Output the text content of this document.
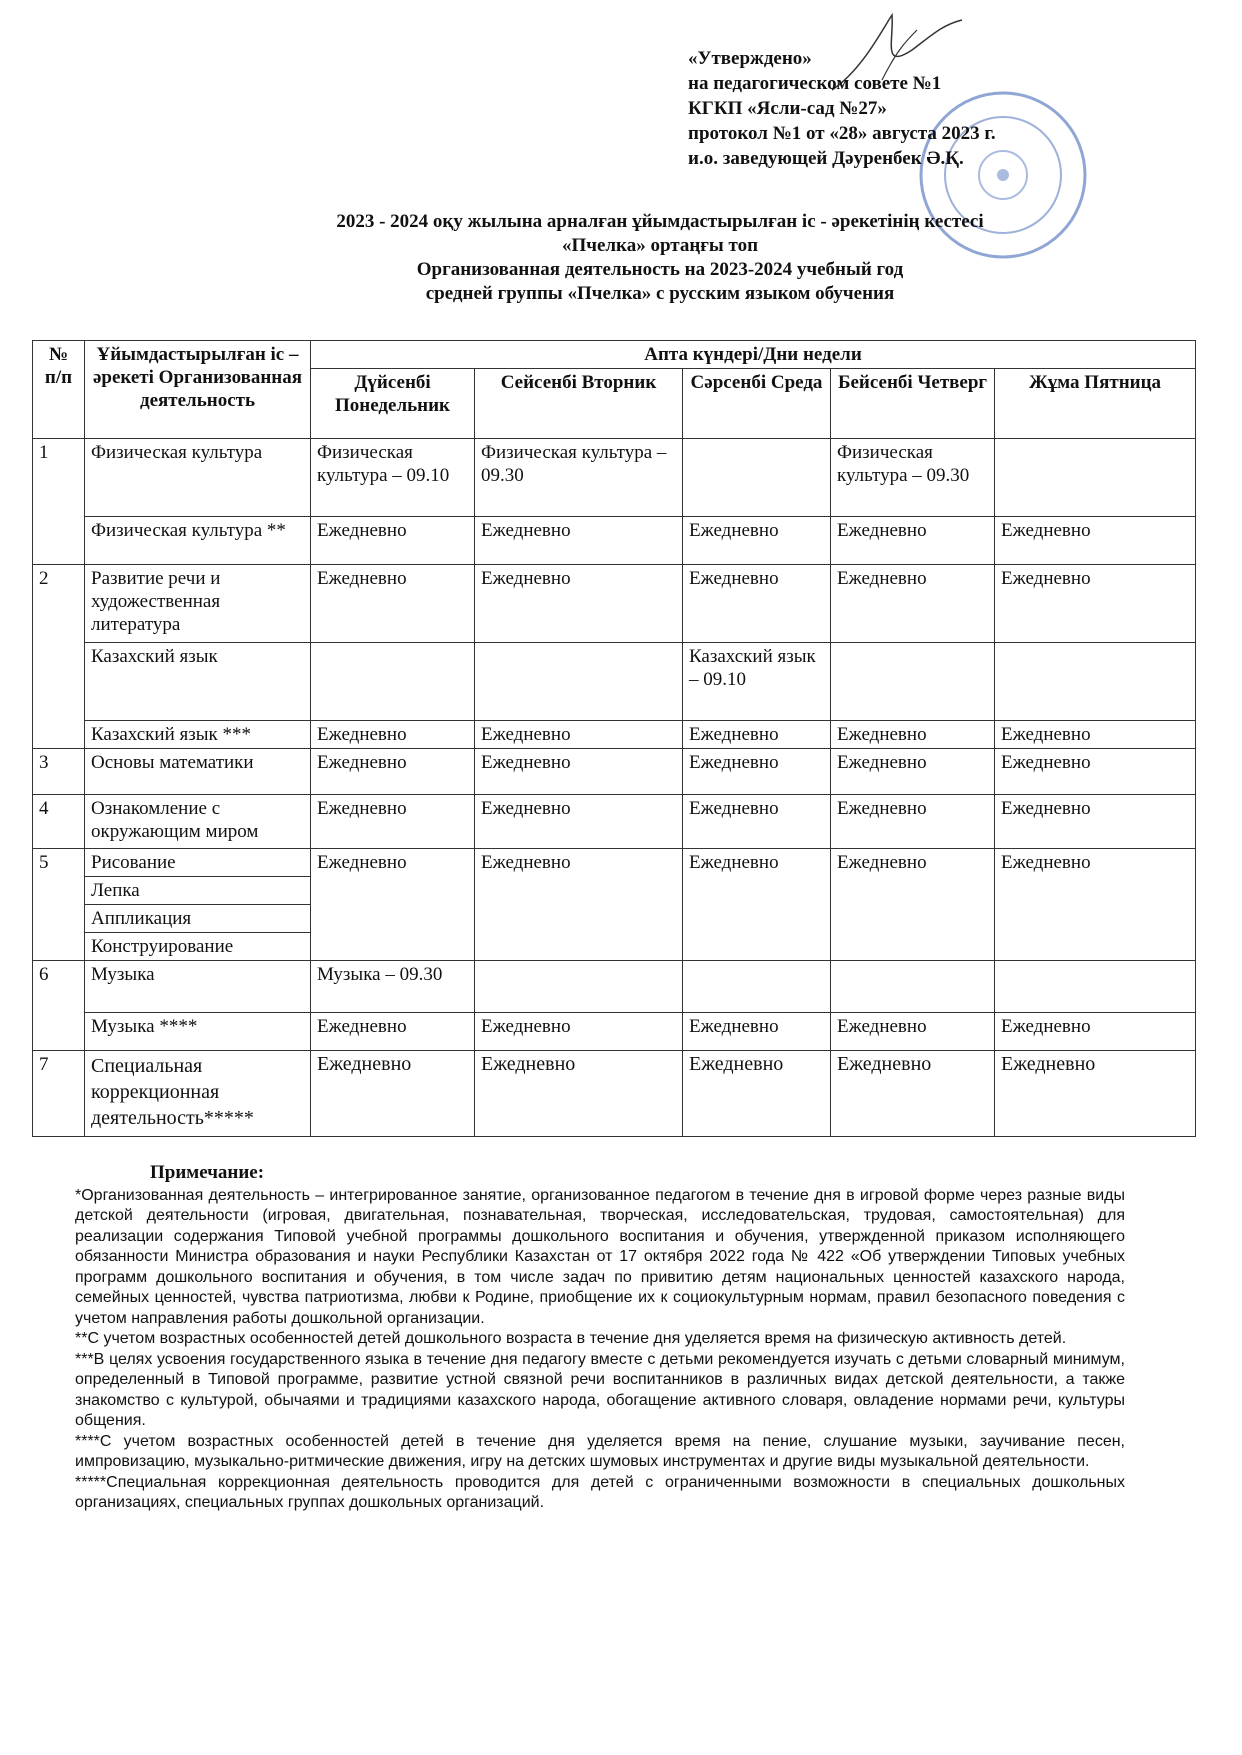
«Утверждено»
на педагогическом совете №1
КГКП «Ясли-сад №27»
протокол №1 от «28» августа 2023 г.
и.о. заведующей Дәуренбек Ә.Қ.
2023 - 2024 оқу жылына арналған ұйымдастырылған іс - әрекетінің кестесі
«Пчелка» ортаңғы топ
Организованная деятельность на 2023-2024 учебный год
средней группы «Пчелка» с русским языком обучения
№ п/п	Ұйымдастырылған іс – әрекеті Организованная деятельность	Апта күндері/Дни недели				
		Дүйсенбі Понедельник	Сейсенбі Вторник	Сәрсенбі Среда	Бейсенбі Четверг	Жұма Пятница
1	Физическая культура	Физическая культура – 09.10	Физическая культура – 09.30		Физическая культура – 09.30	
	Физическая культура **	Ежедневно	Ежедневно	Ежедневно	Ежедневно	Ежедневно
2	Развитие речи и художественная литература	Ежедневно	Ежедневно	Ежедневно	Ежедневно	Ежедневно
	Казахский язык			Казахский язык – 09.10		
	Казахский язык ***	Ежедневно	Ежедневно	Ежедневно	Ежедневно	Ежедневно
3	Основы математики	Ежедневно	Ежедневно	Ежедневно	Ежедневно	Ежедневно
4	Ознакомление с окружающим миром	Ежедневно	Ежедневно	Ежедневно	Ежедневно	Ежедневно
5	Рисование	Ежедневно	Ежедневно	Ежедневно	Ежедневно	Ежедневно
	Лепка					
	Аппликация					
	Конструирование					
6	Музыка	Музыка – 09.30				
	Музыка ****	Ежедневно	Ежедневно	Ежедневно	Ежедневно	Ежедневно
7	Специальная коррекционная деятельность*****	Ежедневно	Ежедневно	Ежедневно	Ежедневно	Ежедневно

Примечание:

*Организованная деятельность – интегрированное занятие, организованное педагогом в течение дня в игровой форме через разные виды детской деятельности (игровая, двигательная, познавательная, творческая, исследовательская, трудовая, самостоятельная) для реализации содержания Типовой учебной программы дошкольного воспитания и обучения, утвержденной приказом исполняющего обязанности Министра образования и науки Республики Казахстан от 17 октября 2022 года № 422 «Об утверждении Типовых учебных программ дошкольного воспитания и обучения, в том числе задач по привитию детям национальных ценностей казахского народа, семейных ценностей, чувства патриотизма, любви к Родине, приобщение их к социокультурным нормам, правил безопасного поведения с учетом направления работы дошкольной организации.

**С учетом возрастных особенностей детей дошкольного возраста в течение дня уделяется время на физическую активность детей.

***В целях усвоения государственного языка в течение дня педагогу вместе с детьми рекомендуется изучать с детьми словарный минимум, определенный в Типовой программе, развитие устной связной речи воспитанников в различных видах детской деятельности, а также знакомство с культурой, обычаями и традициями казахского народа, обогащение активного словаря, овладение нормами речи, культуры общения.

****С учетом возрастных особенностей детей в течение дня уделяется время на пение, слушание музыки, заучивание песен, импровизацию, музыкально-ритмические движения, игру на детских шумовых инструментах и другие виды музыкальной деятельности.

*****Специальная коррекционная деятельность проводится для детей с ограниченными возможности в специальных дошкольных организациях, специальных группах дошкольных организаций.
